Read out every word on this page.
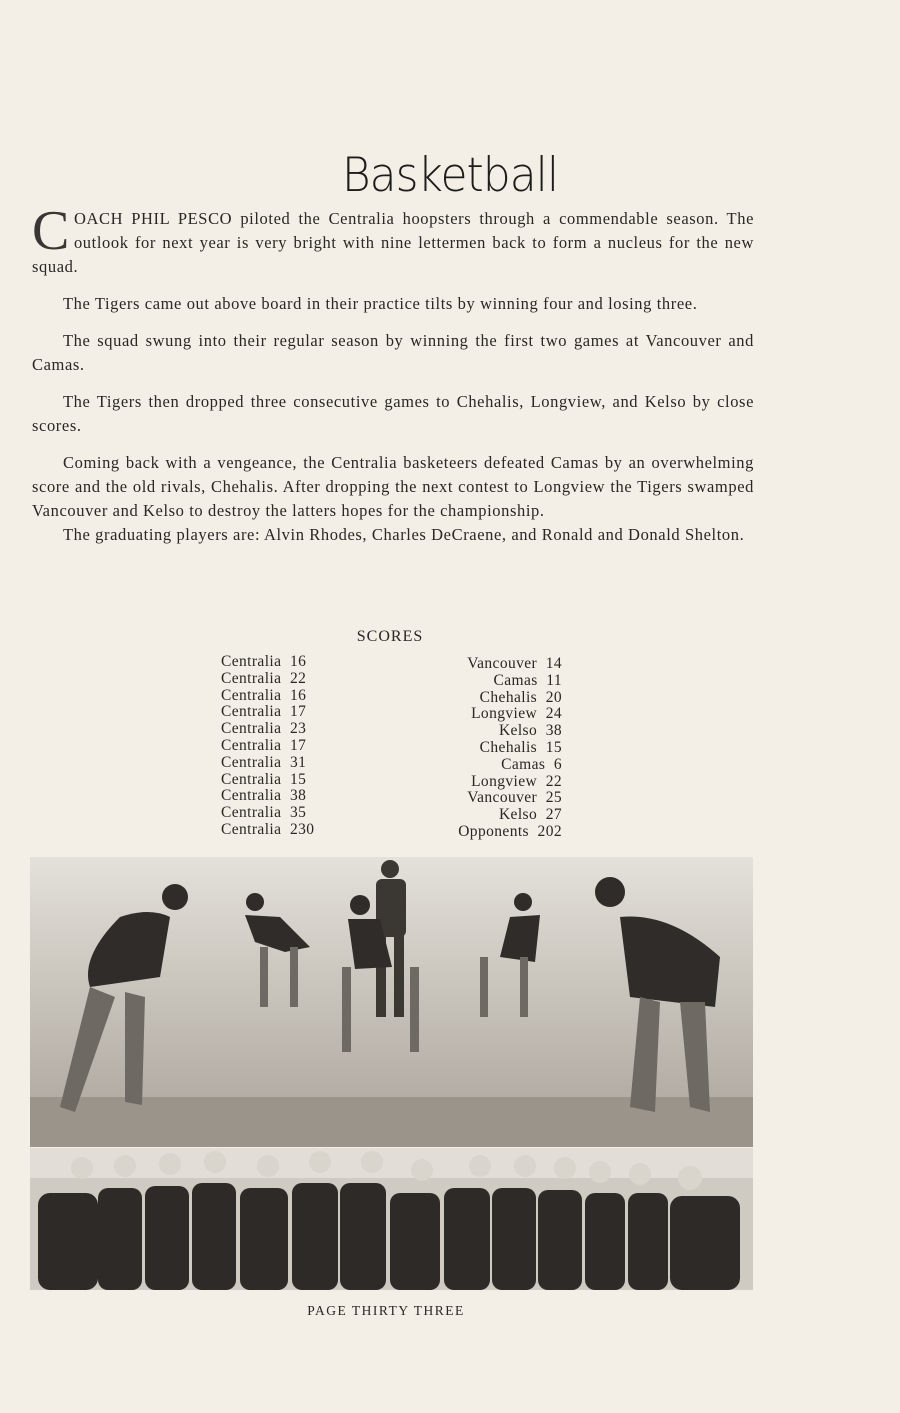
Basketball

COACH PHIL PESCO piloted the Centralia hoopsters through a commendable season. The outlook for next year is very bright with nine lettermen back to form a nucleus for the new squad.

The Tigers came out above board in their practice tilts by winning four and losing three.

The squad swung into their regular season by winning the first two games at Vancouver and Camas.

The Tigers then dropped three consecutive games to Chehalis, Longview, and Kelso by close scores.

Coming back with a vengeance, the Centralia basketeers defeated Camas by an overwhelming score and the old rivals, Chehalis. After dropping the next contest to Longview the Tigers swamped Vancouver and Kelso to destroy the latters hopes for the championship.

The graduating players are: Alvin Rhodes, Charles DeCraene, and Ronald and Donald Shelton.

SCORES
Centralia 16
Centralia 22
Centralia 16
Centralia 17
Centralia 23
Centralia 17
Centralia 31
Centralia 15
Centralia 38
Centralia 35
Centralia 230
Vancouver 14
Camas 11
Chehalis 20
Longview 24
Kelso 38
Chehalis 15
Camas 6
Longview 22
Vancouver 25
Kelso 27
Opponents 202
PAGE THIRTY THREE
